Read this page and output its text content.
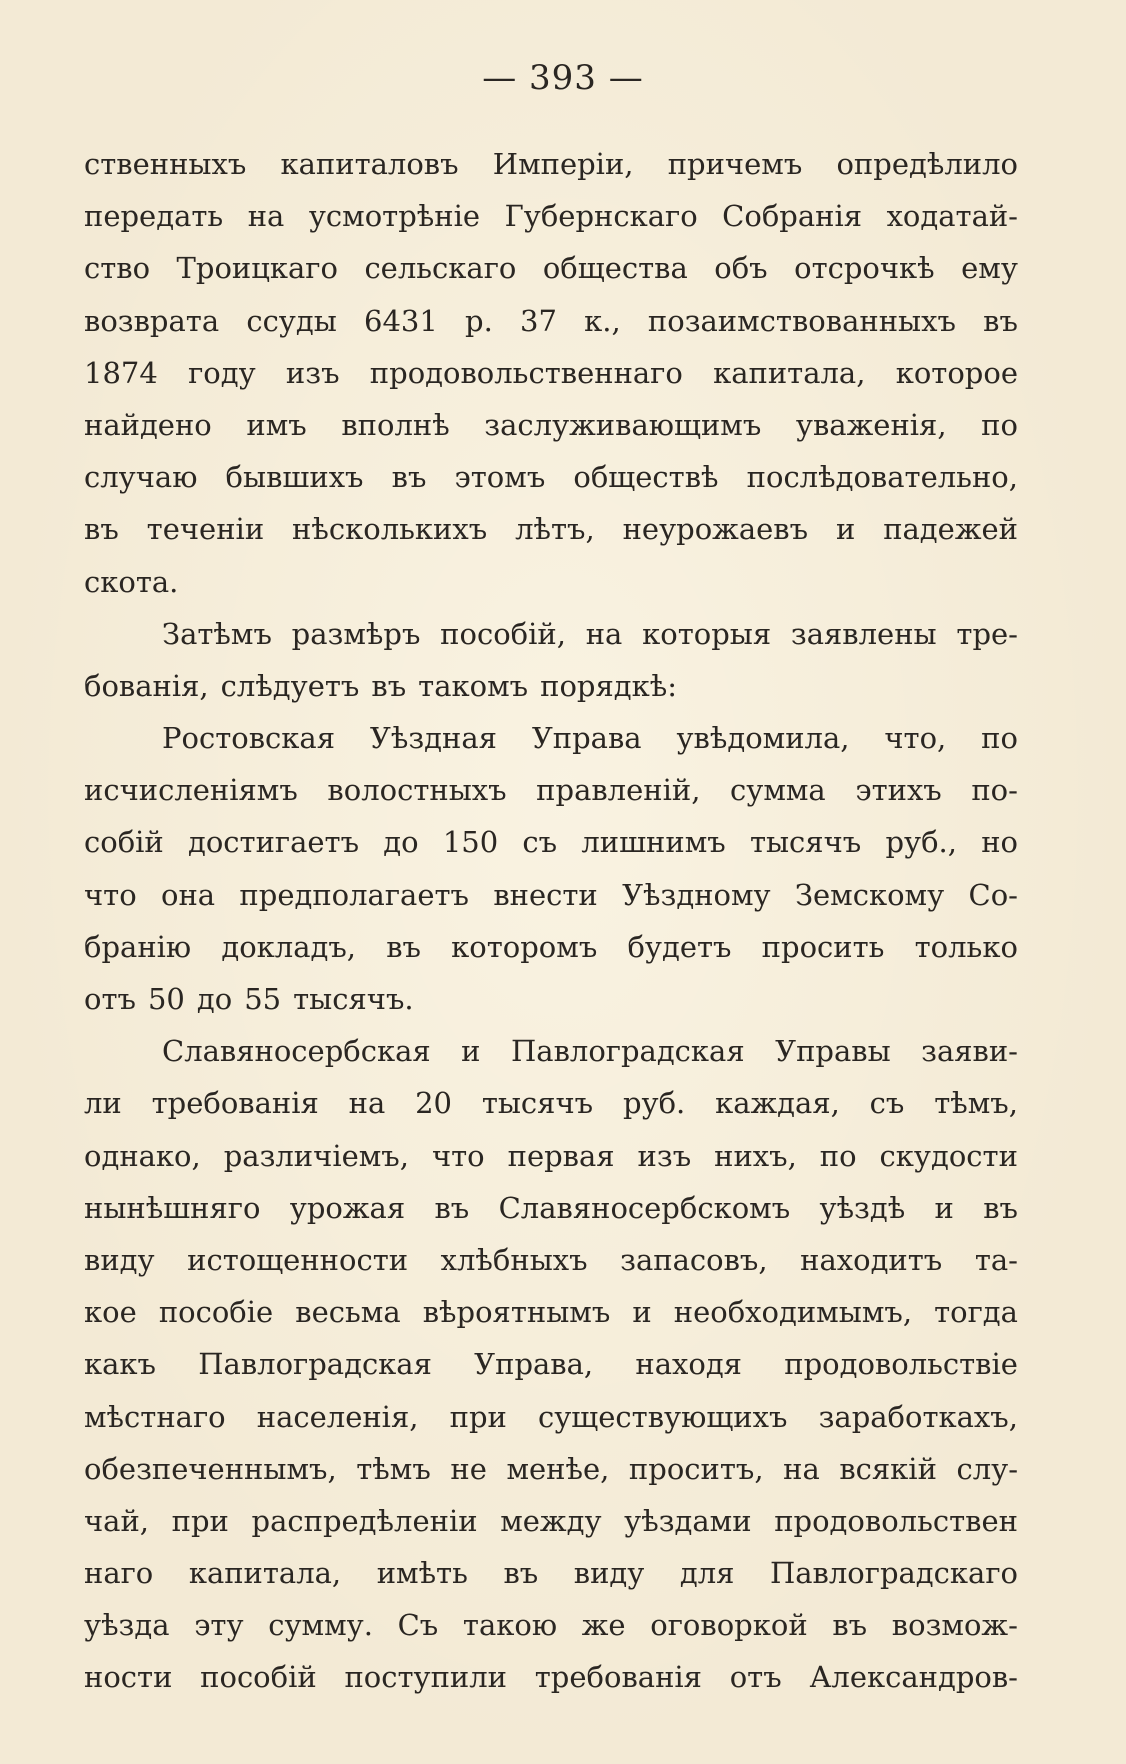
— 393 —
ственныхъ капиталовъ Имперіи, причемъ опредѣлило
передать на усмотрѣніе Губернскаго Собранія ходатай-
ство Троицкаго сельскаго общества объ отсрочкѣ ему
возврата ссуды 6431 р. 37 к., позаимствованныхъ въ
1874 году изъ продовольственнаго капитала, которое
найдено имъ вполнѣ заслуживающимъ уваженія, по
случаю бывшихъ въ этомъ обществѣ послѣдовательно,
въ теченіи нѣсколькихъ лѣтъ, неурожаевъ и падежей
скота.
Затѣмъ размѣръ пособій, на которыя заявлены тре-
бованія, слѣдуетъ въ такомъ порядкѣ:
Ростовская Уѣздная Управа увѣдомила, что, по
исчисленіямъ волостныхъ правленій, сумма этихъ по-
собій достигаетъ до 150 съ лишнимъ тысячъ руб., но
что она предполагаетъ внести Уѣздному Земскому Со-
бранію докладъ, въ которомъ будетъ просить только
отъ 50 до 55 тысячъ.
Славяносербская и Павлоградская Управы заяви-
ли требованія на 20 тысячъ руб. каждая, съ тѣмъ,
однако, различіемъ, что первая изъ нихъ, по скудости
нынѣшняго урожая въ Славяносербскомъ уѣздѣ и въ
виду истощенности хлѣбныхъ запасовъ, находитъ та-
кое пособіе весьма вѣроятнымъ и необходимымъ, тогда
какъ Павлоградская Управа, находя продовольствіе
мѣстнаго населенія, при существующихъ заработкахъ,
обезпеченнымъ, тѣмъ не менѣе, проситъ, на всякій слу-
чай, при распредѣленіи между уѣздами продовольствен
наго капитала, имѣть въ виду для Павлоградскаго
уѣзда эту сумму. Съ такою же оговоркой въ возмож-
ности пособій поступили требованія отъ Александров-
